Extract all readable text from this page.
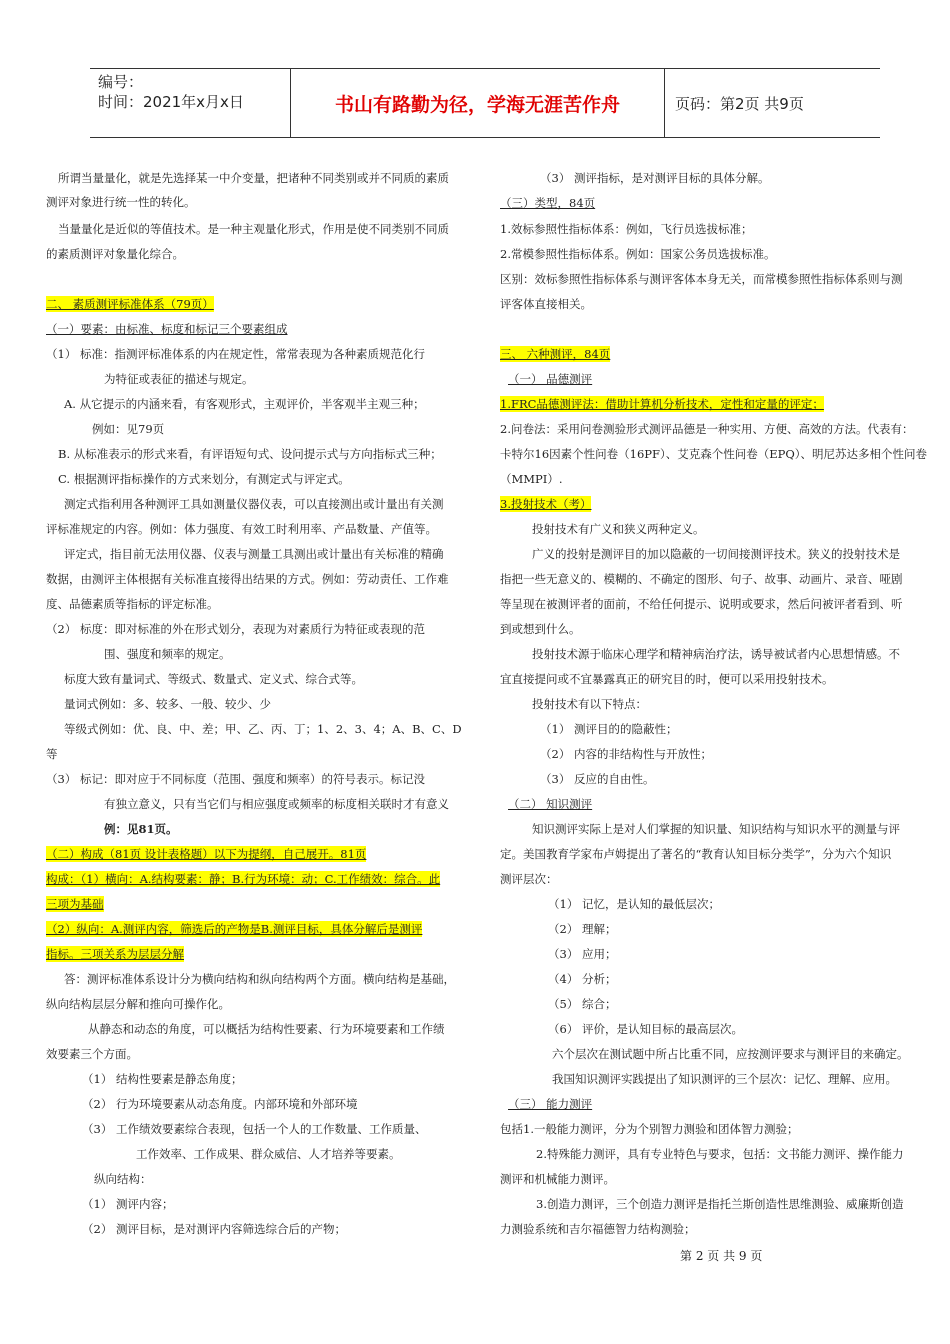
编号：
时间：2021年x月x日	书山有路勤为径，学海无涯苦作舟	页码：第2页 共9页
所谓当量量化，就是先选择某一中介变量，把诸种不同类别或并不同质的素质
测评对象进行统一性的转化。
当量量化是近似的等值技术。是一种主观量化形式，作用是使不同类别不同质
的素质测评对象量化综合。
二、 素质测评标准体系（79页）
（一）要素：由标准、标度和标记三个要素组成
（1） 标准：指测评标准体系的内在规定性，常常表现为各种素质规范化行
为特征或表征的描述与规定。
A. 从它提示的内涵来看，有客观形式，主观评价，半客观半主观三种；
例如：见79页
B. 从标准表示的形式来看，有评语短句式、设问提示式与方向指标式三种；
C. 根据测评指标操作的方式来划分，有测定式与评定式。
测定式指利用各种测评工具如测量仪器仪表，可以直接测出或计量出有关测
评标准规定的内容。例如：体力强度、有效工时利用率、产品数量、产值等。
评定式，指目前无法用仪器、仪表与测量工具测出或计量出有关标准的精确
数据，由测评主体根据有关标准直接得出结果的方式。例如：劳动责任、工作难
度、品德素质等指标的评定标准。
（2） 标度：即对标准的外在形式划分，表现为对素质行为特征或表现的范
围、强度和频率的规定。
标度大致有量词式、等级式、数量式、定义式、综合式等。
量词式例如：多、较多、一般、较少、少
等级式例如：优、良、中、差；甲、乙、丙、丁；1、2、3、4；A、B、C、D
等
（3） 标记：即对应于不同标度（范围、强度和频率）的符号表示。标记没
有独立意义，只有当它们与相应强度或频率的标度相关联时才有意义
例：见81页。
（二）构成（81页 设计表格题）以下为提纲，自己展开。81页
构成：（1）横向：A.结构要素：静；B.行为环境：动；C.工作绩效：综合。此
三项为基础
（2）纵向：A.测评内容，筛选后的产物是B.测评目标，具体分解后是测评
指标。三项关系为层层分解
答：测评标准体系设计分为横向结构和纵向结构两个方面。横向结构是基础，
纵向结构层层分解和推向可操作化。
从静态和动态的角度，可以概括为结构性要素、行为环境要素和工作绩
效要素三个方面。
（1） 结构性要素是静态角度；
（2） 行为环境要素从动态角度。内部环境和外部环境
（3） 工作绩效要素综合表现，包括一个人的工作数量、工作质量、
工作效率、工作成果、群众威信、人才培养等要素。
纵向结构：
（1） 测评内容；
（2） 测评目标，是对测评内容筛选综合后的产物；
（3） 测评指标，是对测评目标的具体分解。
（三）类型，84页
1.效标参照性指标体系：例如，飞行员选拔标准；
2.常模参照性指标体系。例如：国家公务员选拔标准。
区别：效标参照性指标体系与测评客体本身无关，而常模参照性指标体系则与测
评客体直接相关。
三、 六种测评，84页
（一） 品德测评
1.FRC品德测评法：借助计算机分析技术，定性和定量的评定；
2.问卷法：采用问卷测验形式测评品德是一种实用、方便、高效的方法。代表有：
卡特尔16因素个性问卷（16PF）、艾克森个性问卷（EPQ）、明尼苏达多相个性问卷
（MMPI）.
3.投射技术（考）
投射技术有广义和狭义两种定义。
广义的投射是测评目的加以隐蔽的一切间接测评技术。狭义的投射技术是
指把一些无意义的、模糊的、不确定的图形、句子、故事、动画片、录音、哑剧
等呈现在被测评者的面前，不给任何提示、说明或要求，然后问被评者看到、听
到或想到什么。
投射技术源于临床心理学和精神病治疗法，诱导被试者内心思想情感。不
宜直接提问或不宜暴露真正的研究目的时，便可以采用投射技术。
投射技术有以下特点：
（1） 测评目的的隐蔽性；
（2） 内容的非结构性与开放性；
（3） 反应的自由性。
（二） 知识测评
知识测评实际上是对人们掌握的知识量、知识结构与知识水平的测量与评
定。美国教育学家布卢姆提出了著名的“教育认知目标分类学”，分为六个知识
测评层次：
（1） 记忆，是认知的最低层次；
（2） 理解；
（3） 应用；
（4） 分析；
（5） 综合；
（6） 评价，是认知目标的最高层次。
六个层次在测试题中所占比重不同，应按测评要求与测评目的来确定。
我国知识测评实践提出了知识测评的三个层次：记忆、理解、应用。
（三） 能力测评
包括1.一般能力测评，分为个别智力测验和团体智力测验；
2.特殊能力测评，具有专业特色与要求，包括：文书能力测评、操作能力
测评和机械能力测评。
3.创造力测评，三个创造力测评是指托兰斯创造性思维测验、威廉斯创造
力测验系统和吉尔福德智力结构测验；
第 2 页 共 9 页
